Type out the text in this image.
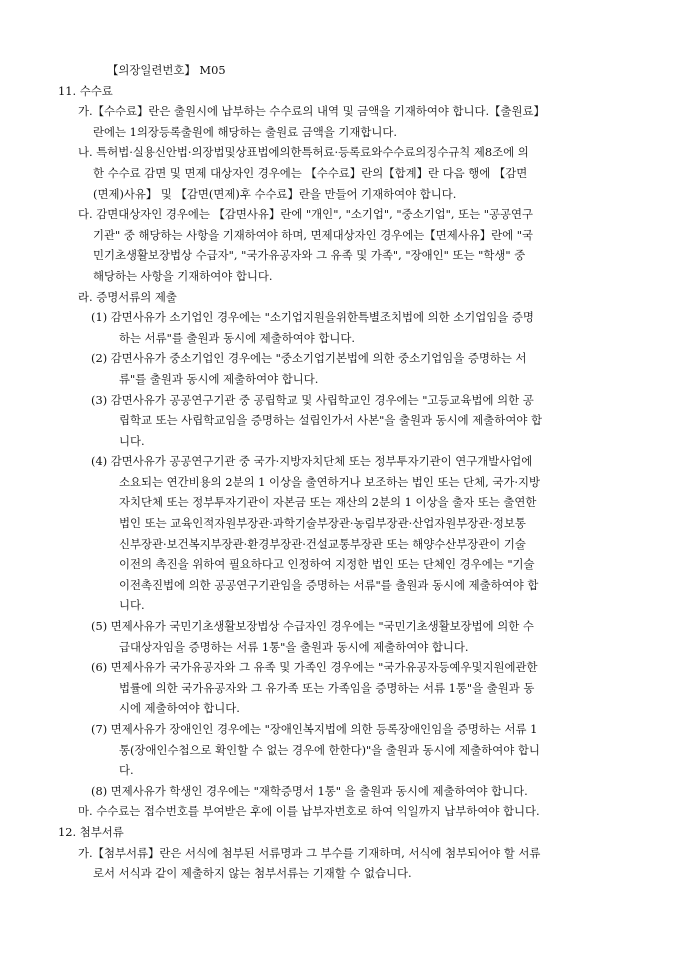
【의장일련번호】 M05
11. 수수료
가.【수수료】란은 출원시에 납부하는 수수료의 내역 및 금액을 기재하여야 합니다.【출원료】
란에는 1의장등록출원에 해당하는 출원료 금액을 기재합니다.
나. 특허법·실용신안법·의장법및상표법에의한특허료·등록료와수수료의징수규칙 제8조에 의
한 수수료 감면 및 면제 대상자인 경우에는 【수수료】란의【합계】란 다음 행에 【감면
(면제)사유】 및 【감면(면제)후 수수료】란을 만들어 기재하여야 합니다.
다. 감면대상자인 경우에는 【감면사유】란에 "개인", "소기업", "중소기업", 또는 "공공연구
기관" 중 해당하는 사항을 기재하여야 하며, 면제대상자인 경우에는【면제사유】란에 "국
민기초생활보장법상 수급자", "국가유공자와 그 유족 및 가족", "장애인" 또는 "학생" 중
해당하는 사항을 기재하여야 합니다.
라. 증명서류의 제출
(1) 감면사유가 소기업인 경우에는 "소기업지원을위한특별조치법에 의한 소기업임을 증명
하는 서류"를 출원과 동시에 제출하여야 합니다.
(2) 감면사유가 중소기업인 경우에는 "중소기업기본법에 의한 중소기업임을 증명하는 서
류"를 출원과 동시에 제출하여야 합니다.
(3) 감면사유가 공공연구기관 중 공립학교 및 사립학교인 경우에는 "고등교육법에 의한 공
립학교 또는 사립학교임을 증명하는 설립인가서 사본"을 출원과 동시에 제출하여야 합
니다.
(4) 감면사유가 공공연구기관 중 국가·지방자치단체 또는 정부투자기관이 연구개발사업에
소요되는 연간비용의 2분의 1 이상을 출연하거나 보조하는 법인 또는 단체, 국가·지방
자치단체 또는 정부투자기관이 자본금 또는 재산의 2분의 1 이상을 출자 또는 출연한
법인 또는 교육인적자원부장관·과학기술부장관·농림부장관·산업자원부장관·정보통
신부장관·보건복지부장관·환경부장관·건설교통부장관 또는 해양수산부장관이 기술
이전의 촉진을 위하여 필요하다고 인정하여 지정한 법인 또는 단체인 경우에는 "기술
이전촉진법에 의한 공공연구기관임을 증명하는 서류"를 출원과 동시에 제출하여야 합
니다.
(5) 면제사유가 국민기초생활보장법상 수급자인 경우에는 "국민기초생활보장법에 의한 수
급대상자임을 증명하는 서류 1통"을 출원과 동시에 제출하여야 합니다.
(6) 면제사유가 국가유공자와 그 유족 및 가족인 경우에는 "국가유공자등예우및지원에관한
법률에 의한 국가유공자와 그 유가족 또는 가족임을 증명하는 서류 1통"을 출원과 동
시에 제출하여야 합니다.
(7) 면제사유가 장애인인 경우에는 "장애인복지법에 의한 등록장애인임을 증명하는 서류 1
통(장애인수첩으로 확인할 수 없는 경우에 한한다)"을 출원과 동시에 제출하여야 합니
다.
(8) 면제사유가 학생인 경우에는 "재학증명서 1통" 을 출원과 동시에 제출하여야 합니다.
마. 수수료는 접수번호를 부여받은 후에 이를 납부자번호로 하여 익일까지 납부하여야 합니다.
12. 첨부서류
가.【첨부서류】란은 서식에 첨부된 서류명과 그 부수를 기재하며, 서식에 첨부되어야 할 서류
로서 서식과 같이 제출하지 않는 첨부서류는 기재할 수 없습니다.
